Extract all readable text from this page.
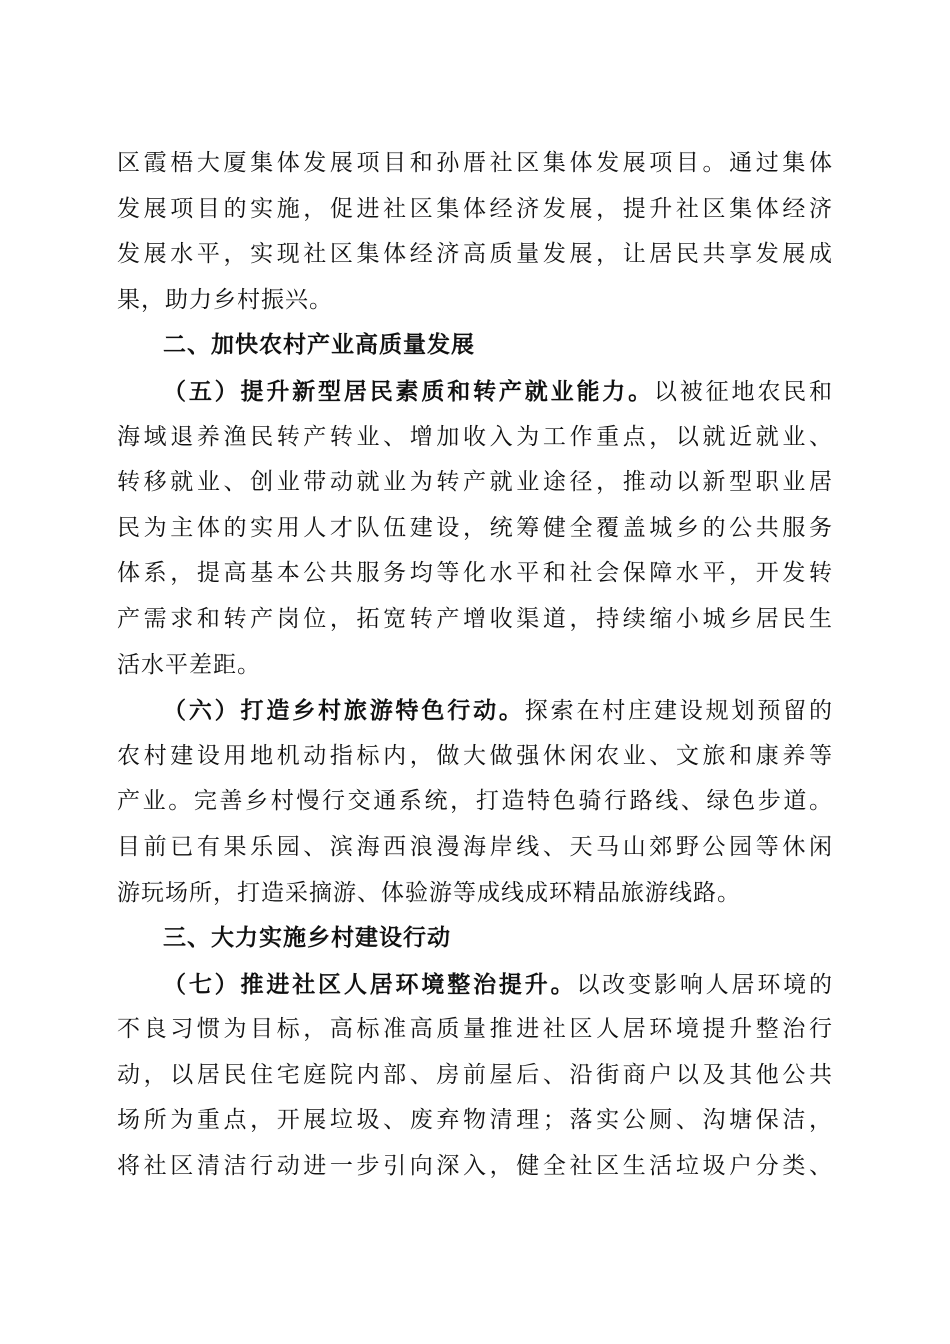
区霞梧大厦集体发展项目和孙厝社区集体发展项目。通过集体
发展项目的实施，促进社区集体经济发展，提升社区集体经济
发展水平，实现社区集体经济高质量发展，让居民共享发展成
果，助力乡村振兴。
二、加快农村产业高质量发展
（五）提升新型居民素质和转产就业能力。以被征地农民和
海域退养渔民转产转业、增加收入为工作重点，以就近就业、
转移就业、创业带动就业为转产就业途径，推动以新型职业居
民为主体的实用人才队伍建设，统筹健全覆盖城乡的公共服务
体系，提高基本公共服务均等化水平和社会保障水平，开发转
产需求和转产岗位，拓宽转产增收渠道，持续缩小城乡居民生
活水平差距。
（六）打造乡村旅游特色行动。探索在村庄建设规划预留的
农村建设用地机动指标内，做大做强休闲农业、文旅和康养等
产业。完善乡村慢行交通系统，打造特色骑行路线、绿色步道。
目前已有果乐园、滨海西浪漫海岸线、天马山郊野公园等休闲
游玩场所，打造采摘游、体验游等成线成环精品旅游线路。
三、大力实施乡村建设行动
（七）推进社区人居环境整治提升。以改变影响人居环境的
不良习惯为目标，高标准高质量推进社区人居环境提升整治行
动，以居民住宅庭院内部、房前屋后、沿街商户以及其他公共
场所为重点，开展垃圾、废弃物清理；落实公厕、沟塘保洁，
将社区清洁行动进一步引向深入，健全社区生活垃圾户分类、
